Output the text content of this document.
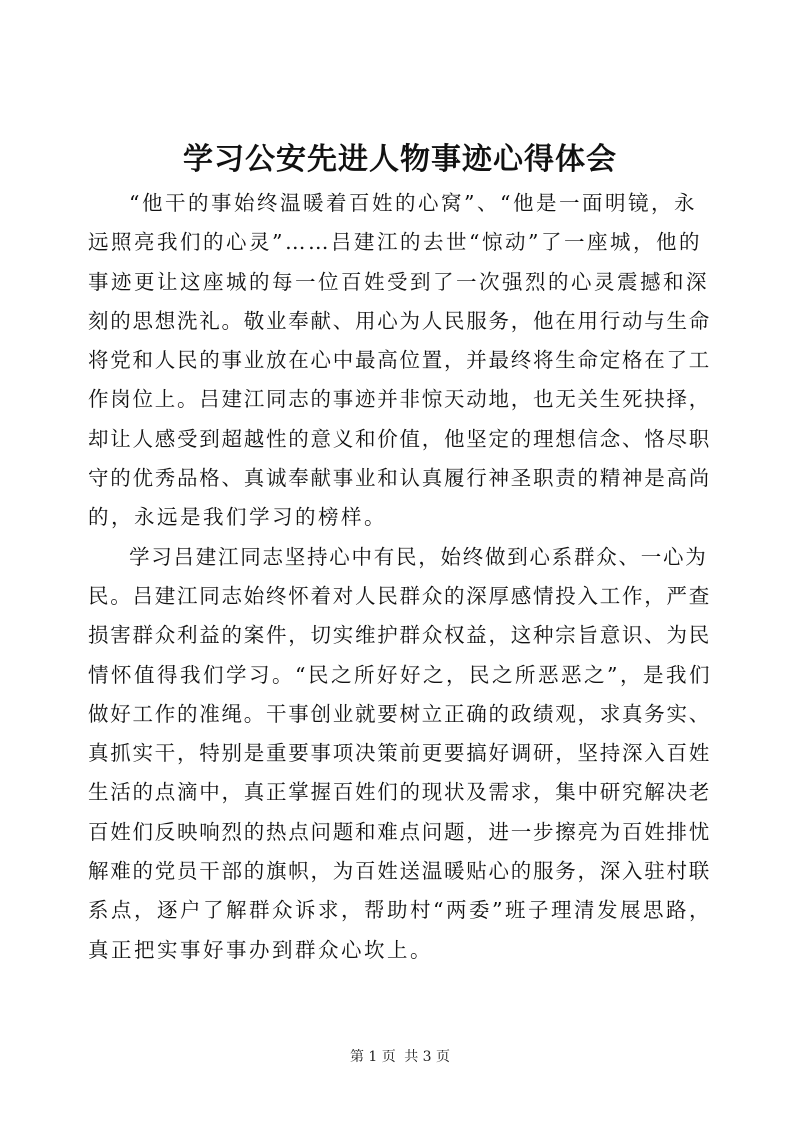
学习公安先进人物事迹心得体会

“他干的事始终温暖着百姓的心窝”、“他是一面明镜，永
远照亮我们的心灵”……吕建江的去世“惊动”了一座城，他的
事迹更让这座城的每一位百姓受到了一次强烈的心灵震撼和深
刻的思想洗礼。敬业奉献、用心为人民服务，他在用行动与生命
将党和人民的事业放在心中最高位置，并最终将生命定格在了工
作岗位上。吕建江同志的事迹并非惊天动地，也无关生死抉择，
却让人感受到超越性的意义和价值，他坚定的理想信念、恪尽职
守的优秀品格、真诚奉献事业和认真履行神圣职责的精神是高尚
的，永远是我们学习的榜样。

学习吕建江同志坚持心中有民，始终做到心系群众、一心为
民。吕建江同志始终怀着对人民群众的深厚感情投入工作，严查
损害群众利益的案件，切实维护群众权益，这种宗旨意识、为民
情怀值得我们学习。“民之所好好之，民之所恶恶之”，是我们
做好工作的准绳。干事创业就要树立正确的政绩观，求真务实、
真抓实干，特别是重要事项决策前更要搞好调研，坚持深入百姓
生活的点滴中，真正掌握百姓们的现状及需求，集中研究解决老
百姓们反映响烈的热点问题和难点问题，进一步擦亮为百姓排忧
解难的党员干部的旗帜，为百姓送温暖贴心的服务，深入驻村联
系点，逐户了解群众诉求，帮助村“两委”班子理清发展思路，
真正把实事好事办到群众心坎上。

第 1 页 共 3 页
